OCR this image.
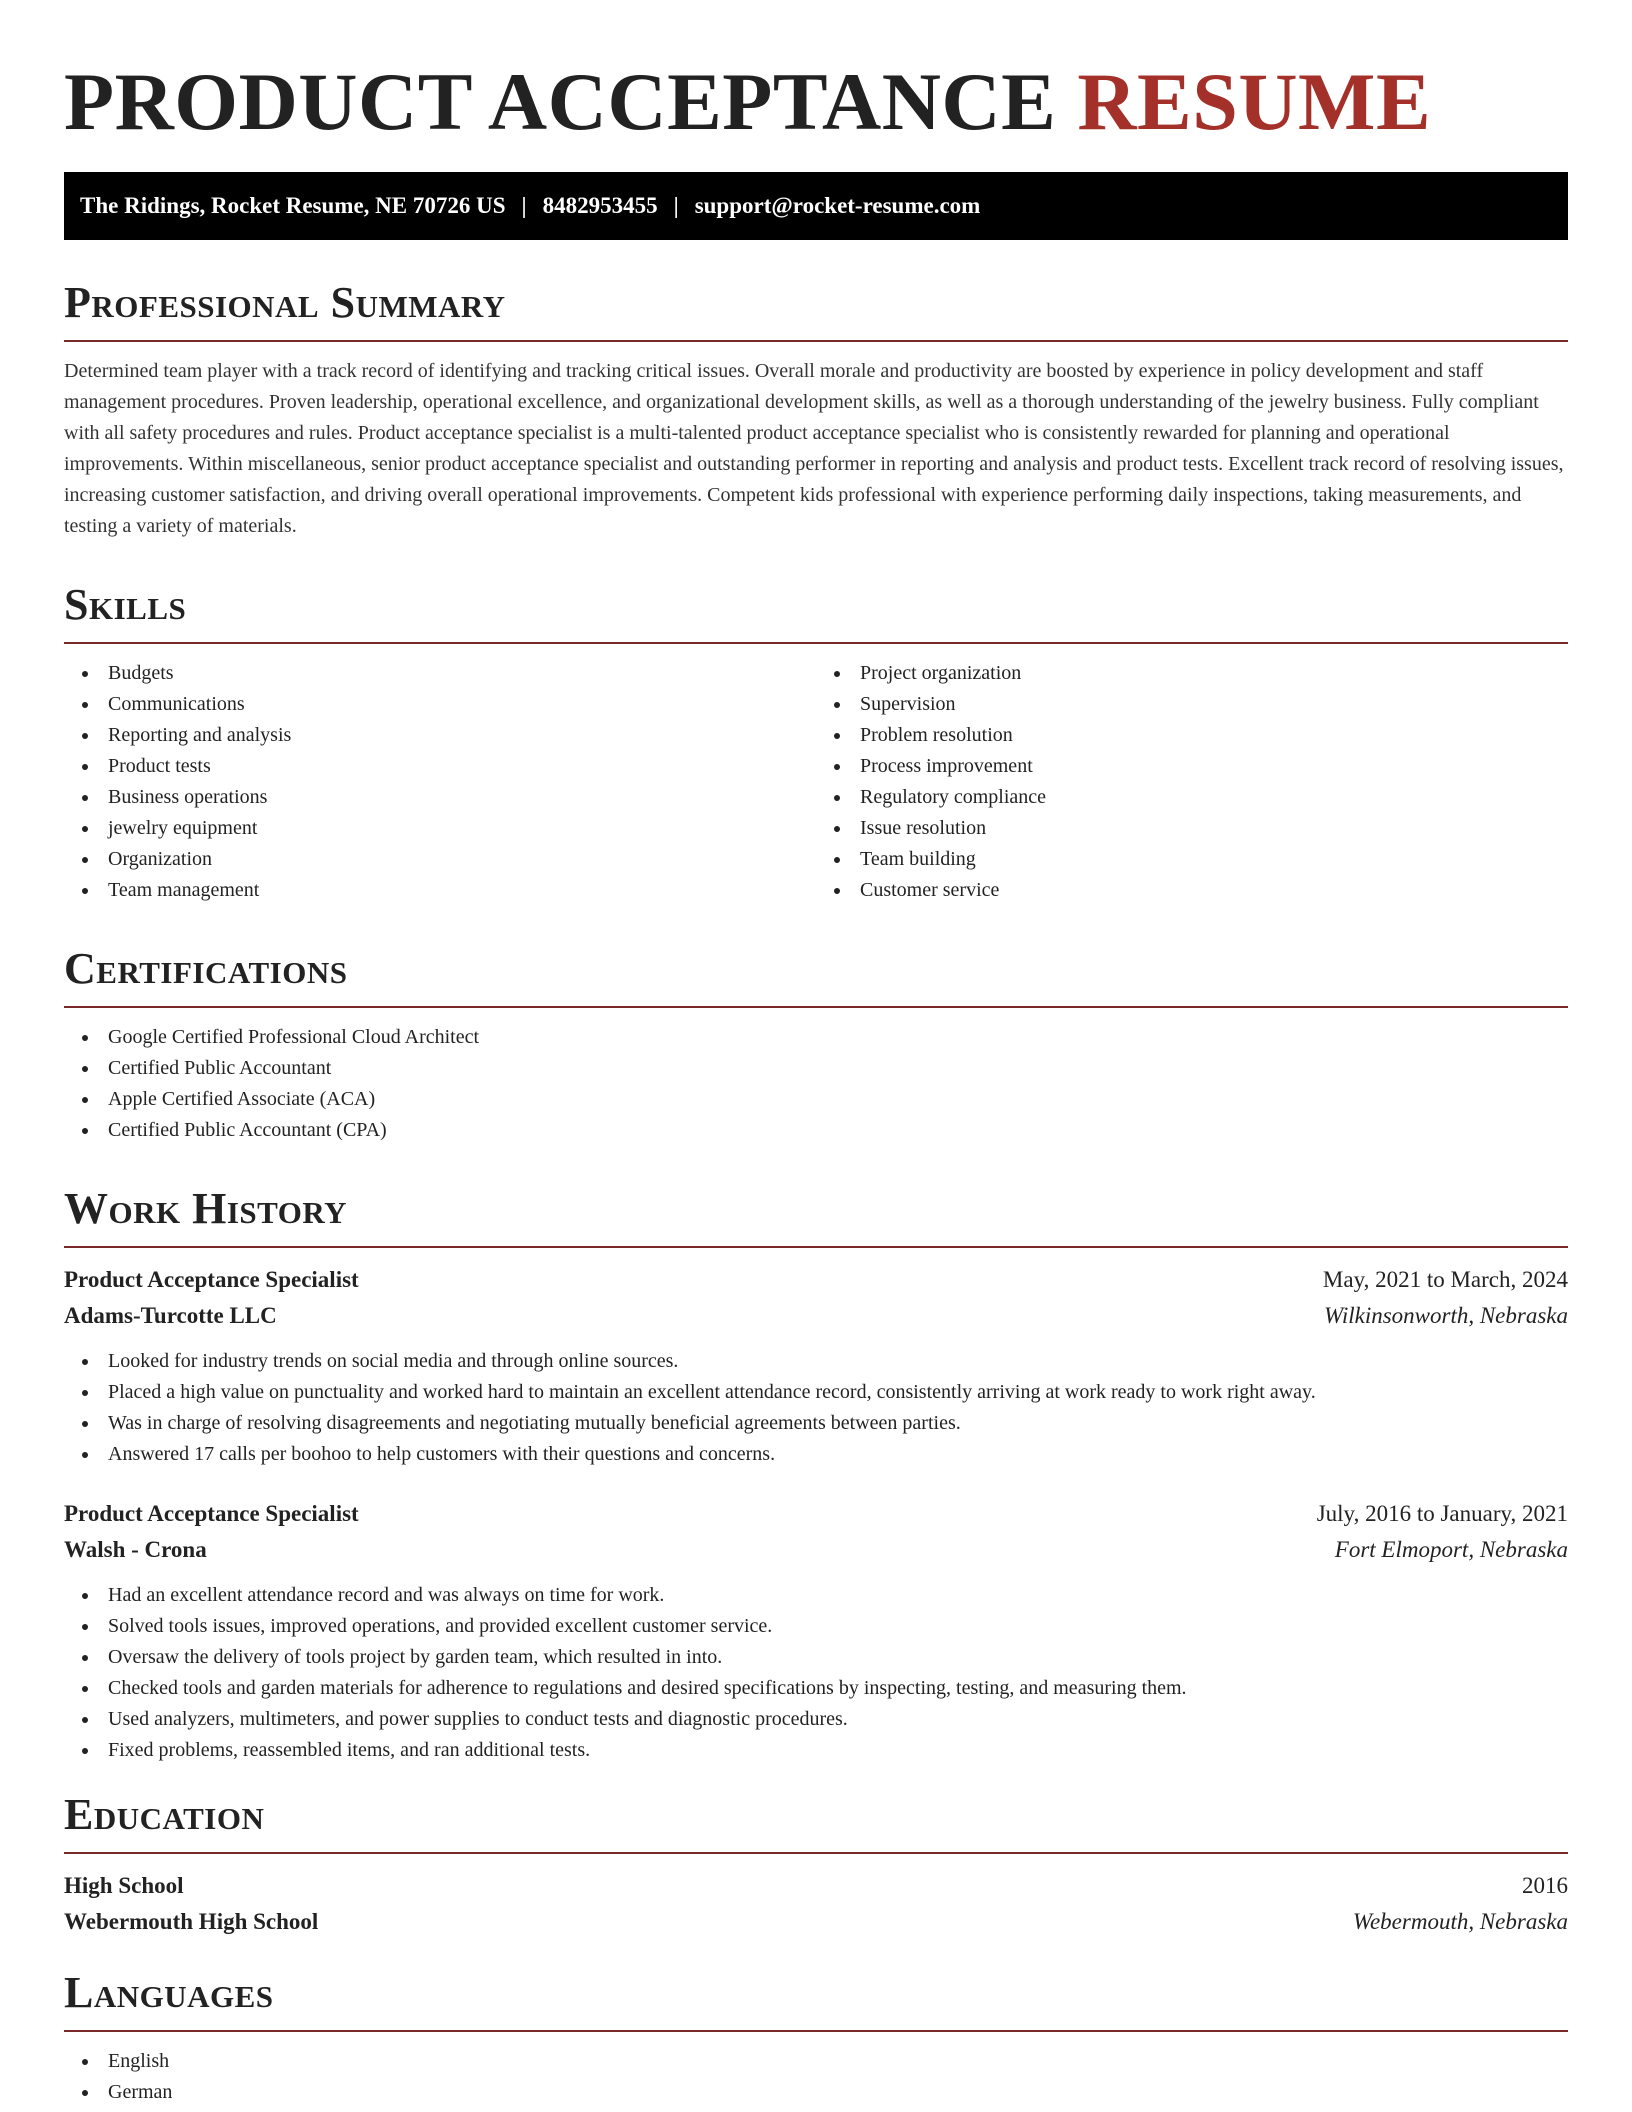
PRODUCT ACCEPTANCE RESUME
The Ridings, Rocket Resume, NE 70726 US | 8482953455 | support@rocket-resume.com
Professional Summary

Determined team player with a track record of identifying and tracking critical issues. Overall morale and productivity are boosted by experience in policy development and staff management procedures. Proven leadership, operational excellence, and organizational development skills, as well as a thorough understanding of the jewelry business. Fully compliant with all safety procedures and rules. Product acceptance specialist is a multi-talented product acceptance specialist who is consistently rewarded for planning and operational improvements. Within miscellaneous, senior product acceptance specialist and outstanding performer in reporting and analysis and product tests. Excellent track record of resolving issues, increasing customer satisfaction, and driving overall operational improvements. Competent kids professional with experience performing daily inspections, taking measurements, and testing a variety of materials.

Skills
Budgets
Communications
Reporting and analysis
Product tests
Business operations
jewelry equipment
Organization
Team management
Project organization
Supervision
Problem resolution
Process improvement
Regulatory compliance
Issue resolution
Team building
Customer service
Certifications
Google Certified Professional Cloud Architect
Certified Public Accountant
Apple Certified Associate (ACA)
Certified Public Accountant (CPA)
Work History
Product Acceptance Specialist	May, 2021 to March, 2024
Adams-Turcotte LLC	Wilkinsonworth, Nebraska
Looked for industry trends on social media and through online sources.
Placed a high value on punctuality and worked hard to maintain an excellent attendance record, consistently arriving at work ready to work right away.
Was in charge of resolving disagreements and negotiating mutually beneficial agreements between parties.
Answered 17 calls per boohoo to help customers with their questions and concerns.
Product Acceptance Specialist	July, 2016 to January, 2021
Walsh - Crona	Fort Elmoport, Nebraska
Had an excellent attendance record and was always on time for work.
Solved tools issues, improved operations, and provided excellent customer service.
Oversaw the delivery of tools project by garden team, which resulted in into.
Checked tools and garden materials for adherence to regulations and desired specifications by inspecting, testing, and measuring them.
Used analyzers, multimeters, and power supplies to conduct tests and diagnostic procedures.
Fixed problems, reassembled items, and ran additional tests.
Education
High School	2016
Webermouth High School	Webermouth, Nebraska
Languages
English
German
